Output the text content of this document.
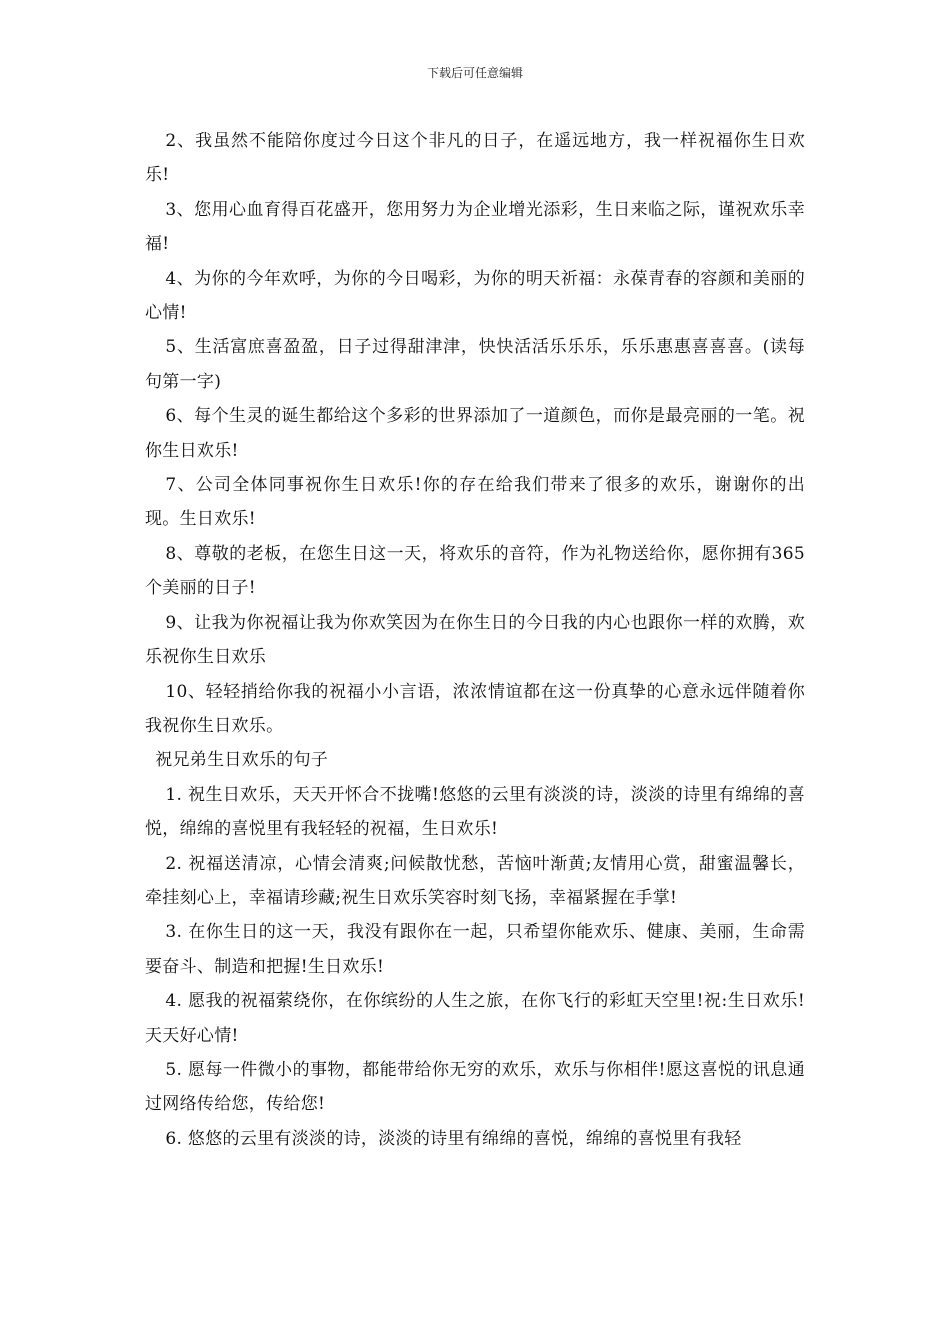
下载后可任意编辑

2、我虽然不能陪你度过今日这个非凡的日子，在遥远地方，我一样祝福你生日欢乐!

3、您用心血育得百花盛开，您用努力为企业增光添彩，生日来临之际，谨祝欢乐幸福!

4、为你的今年欢呼，为你的今日喝彩，为你的明天祈福：永葆青春的容颜和美丽的心情!

5、生活富庶喜盈盈，日子过得甜津津，快快活活乐乐乐，乐乐惠惠喜喜喜。(读每句第一字)

6、每个生灵的诞生都给这个多彩的世界添加了一道颜色，而你是最亮丽的一笔。祝你生日欢乐!

7、公司全体同事祝你生日欢乐!你的存在给我们带来了很多的欢乐，谢谢你的出现。生日欢乐!

8、尊敬的老板，在您生日这一天，将欢乐的音符，作为礼物送给你，愿你拥有365个美丽的日子!

9、让我为你祝福让我为你欢笑因为在你生日的今日我的内心也跟你一样的欢腾，欢乐祝你生日欢乐

10、轻轻捎给你我的祝福小小言语，浓浓情谊都在这一份真挚的心意永远伴随着你我祝你生日欢乐。

祝兄弟生日欢乐的句子

1. 祝生日欢乐，天天开怀合不拢嘴!悠悠的云里有淡淡的诗，淡淡的诗里有绵绵的喜悦，绵绵的喜悦里有我轻轻的祝福，生日欢乐!

2. 祝福送清凉，心情会清爽;问候散忧愁，苦恼叶渐黄;友情用心赏，甜蜜温馨长，牵挂刻心上，幸福请珍藏;祝生日欢乐笑容时刻飞扬，幸福紧握在手掌!

3. 在你生日的这一天，我没有跟你在一起，只希望你能欢乐、健康、美丽，生命需要奋斗、制造和把握!生日欢乐!

4. 愿我的祝福萦绕你，在你缤纷的人生之旅，在你飞行的彩虹天空里!祝:生日欢乐!天天好心情!

5. 愿每一件微小的事物，都能带给你无穷的欢乐，欢乐与你相伴!愿这喜悦的讯息通过网络传给您，传给您!

6. 悠悠的云里有淡淡的诗，淡淡的诗里有绵绵的喜悦，绵绵的喜悦里有我轻
